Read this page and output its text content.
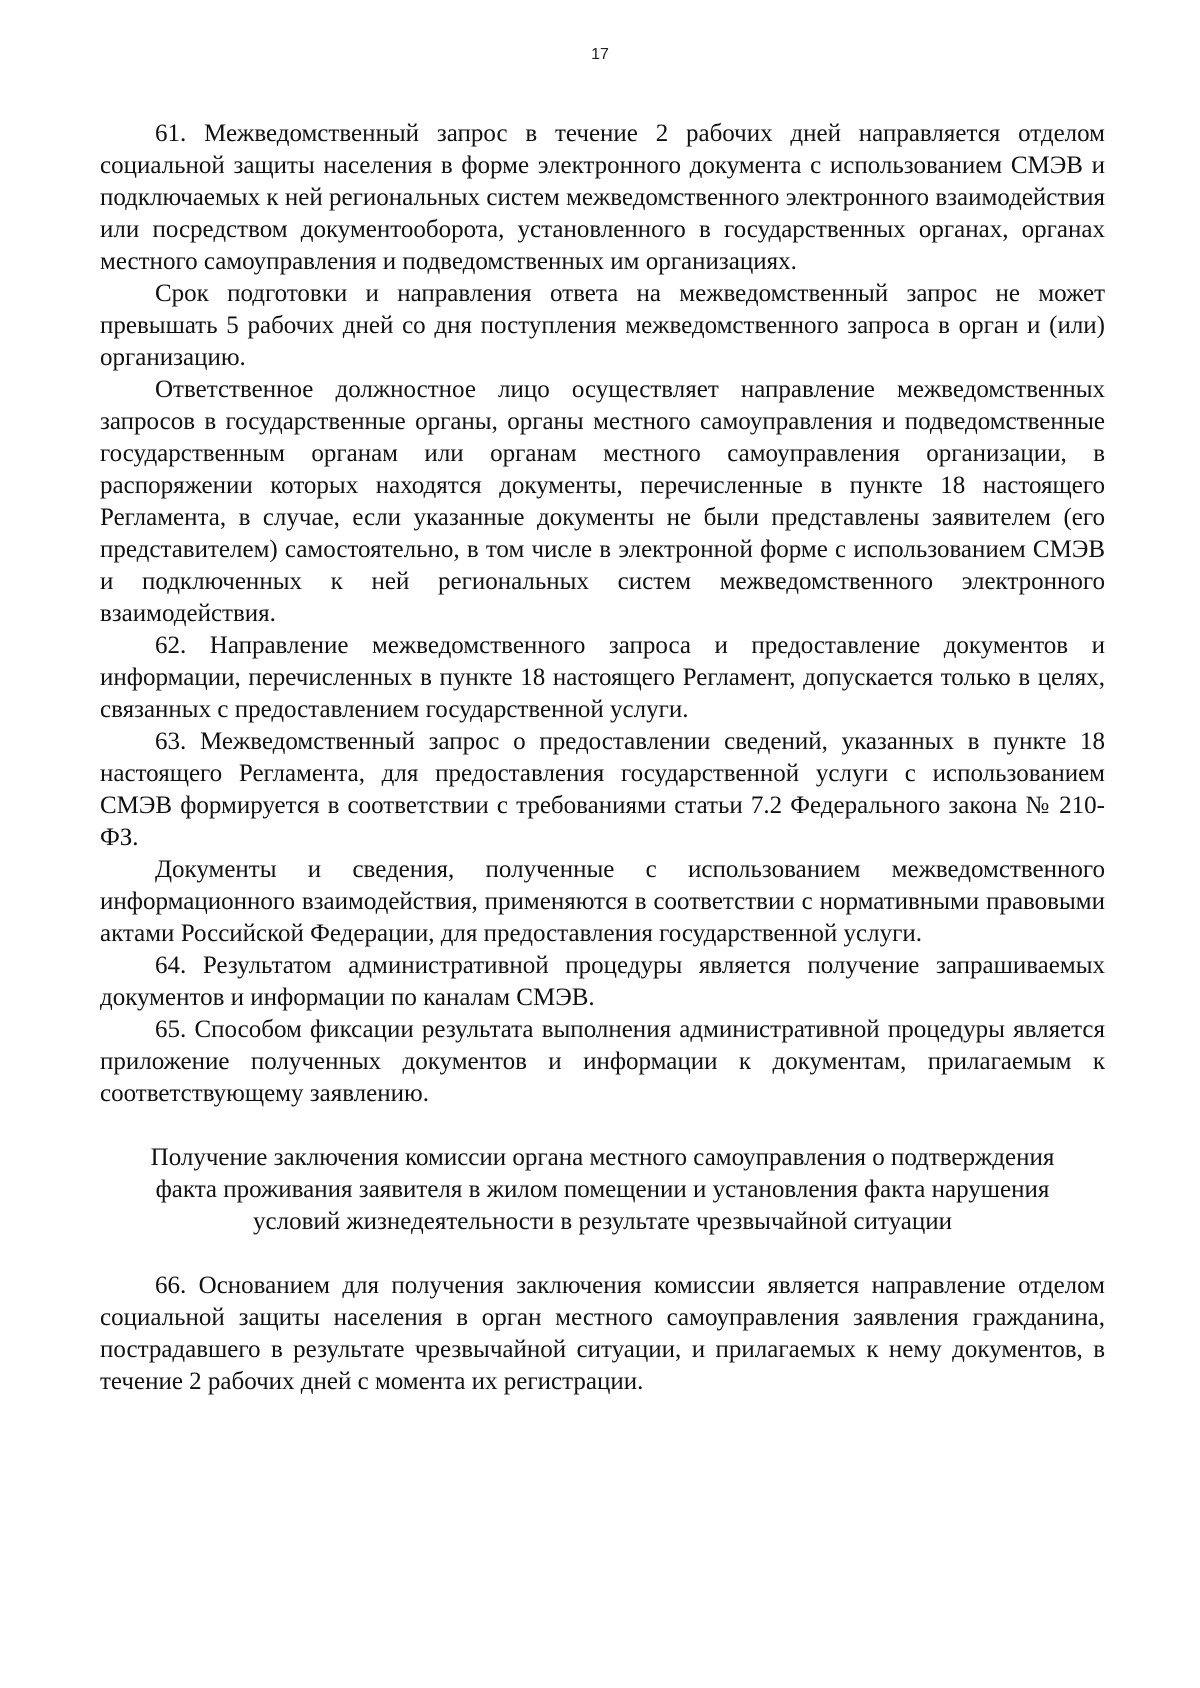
17

61. Межведомственный запрос в течение 2 рабочих дней направляется отделом социальной защиты населения в форме электронного документа с использованием СМЭВ и подключаемых к ней региональных систем межведомственного электронного взаимодействия или посредством документооборота, установленного в государственных органах, органах местного самоуправления и подведомственных им организациях.

Срок подготовки и направления ответа на межведомственный запрос не может превышать 5 рабочих дней со дня поступления межведомственного запроса в орган и (или) организацию.

Ответственное должностное лицо осуществляет направление межведомственных запросов в государственные органы, органы местного самоуправления и подведомственные государственным органам или органам местного самоуправления организации, в распоряжении которых находятся документы, перечисленные в пункте 18 настоящего Регламента, в случае, если указанные документы не были представлены заявителем (его представителем) самостоятельно, в том числе в электронной форме с использованием СМЭВ и подключенных к ней региональных систем межведомственного электронного взаимодействия.

62. Направление межведомственного запроса и предоставление документов и информации, перечисленных в пункте 18 настоящего Регламент, допускается только в целях, связанных с предоставлением государственной услуги.

63. Межведомственный запрос о предоставлении сведений, указанных в пункте 18 настоящего Регламента, для предоставления государственной услуги с использованием СМЭВ формируется в соответствии с требованиями статьи 7.2 Федерального закона № 210-ФЗ.

Документы и сведения, полученные с использованием межведомственного информационного взаимодействия, применяются в соответствии с нормативными правовыми актами Российской Федерации, для предоставления государственной услуги.

64. Результатом административной процедуры является получение запрашиваемых документов и информации по каналам СМЭВ.

65. Способом фиксации результата выполнения административной процедуры является приложение полученных документов и информации к документам, прилагаемым к соответствующему заявлению.

Получение заключения комиссии органа местного самоуправления о подтверждения факта проживания заявителя в жилом помещении и установления факта нарушения условий жизнедеятельности в результате чрезвычайной ситуации

66. Основанием для получения заключения комиссии является направление отделом социальной защиты населения в орган местного самоуправления заявления гражданина, пострадавшего в результате чрезвычайной ситуации, и прилагаемых к нему документов, в течение 2 рабочих дней с момента их регистрации.
